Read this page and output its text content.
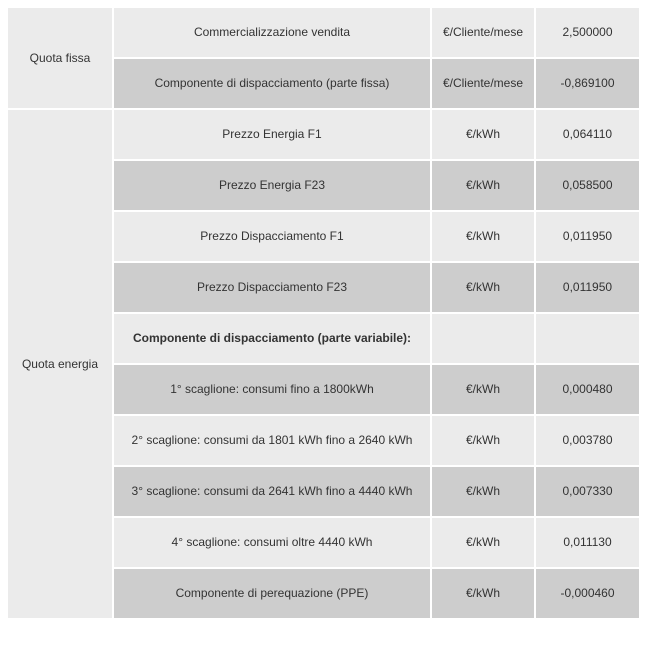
Quota fissa	Commercializzazione vendita	€/Cliente/mese	2,500000
	Componente di dispacciamento (parte fissa)	€/Cliente/mese	-0,869100
Quota energia	Prezzo Energia F1	€/kWh	0,064110
	Prezzo Energia F23	€/kWh	0,058500
	Prezzo Dispacciamento F1	€/kWh	0,011950
	Prezzo Dispacciamento F23	€/kWh	0,011950
	Componente di dispacciamento (parte variabile):		
	1° scaglione: consumi fino a 1800kWh	€/kWh	0,000480
	2° scaglione: consumi da 1801 kWh fino a 2640 kWh	€/kWh	0,003780
	3° scaglione: consumi da 2641 kWh fino a 4440 kWh	€/kWh	0,007330
	4° scaglione: consumi oltre 4440 kWh	€/kWh	0,011130
	Componente di perequazione (PPE)	€/kWh	-0,000460
